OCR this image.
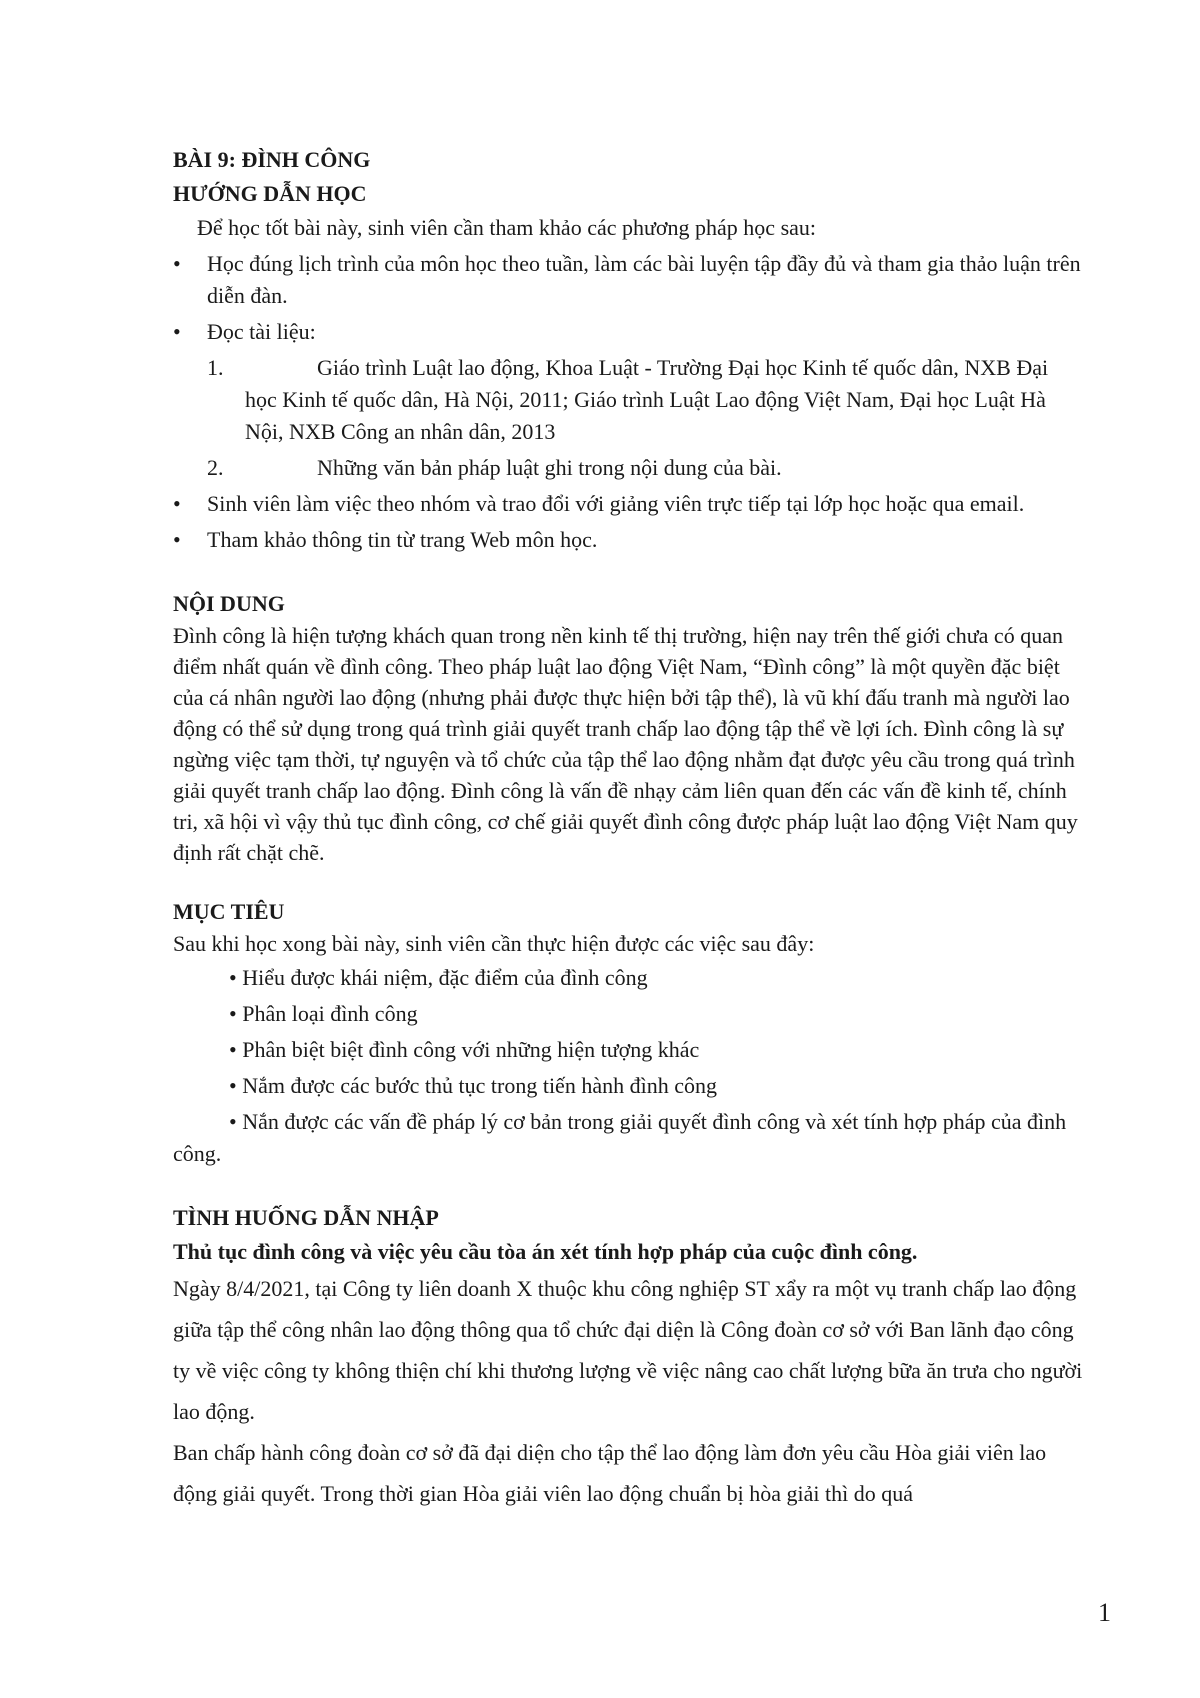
BÀI 9: ĐÌNH CÔNG

HƯỚNG DẪN HỌC

Để học tốt bài này, sinh viên cần tham khảo các phương pháp học sau:

• Học đúng lịch trình của môn học theo tuần, làm các bài luyện tập đầy đủ và tham gia thảo luận trên diễn đàn.
• Đọc tài liệu:
1.	Giáo trình Luật lao động, Khoa Luật - Trường Đại học Kinh tế quốc dân, NXB Đại học Kinh tế quốc dân, Hà Nội, 2011; Giáo trình Luật Lao động Việt Nam, Đại học Luật Hà Nội, NXB Công an nhân dân, 2013
2.	Những văn bản pháp luật ghi trong nội dung của bài.
• Sinh viên làm việc theo nhóm và trao đổi với giảng viên trực tiếp tại lớp học hoặc qua email.
• Tham khảo thông tin từ trang Web môn học.

NỘI DUNG

Đình công là hiện tượng khách quan trong nền kinh tế thị trường, hiện nay trên thế giới chưa có quan điểm nhất quán về đình công. Theo pháp luật lao động Việt Nam, “Đình công” là một quyền đặc biệt của cá nhân người lao động (nhưng phải được thực hiện bởi tập thể), là vũ khí đấu tranh mà người lao động có thể sử dụng trong quá trình giải quyết tranh chấp lao động tập thể về lợi ích. Đình công là sự ngừng việc tạm thời, tự nguyện và tổ chức của tập thể lao động nhằm đạt được yêu cầu trong quá trình giải quyết tranh chấp lao động. Đình công là vấn đề nhạy cảm liên quan đến các vấn đề kinh tế, chính tri, xã hội vì vậy thủ tục đình công, cơ chế giải quyết đình công được pháp luật lao động Việt Nam quy định rất chặt chẽ.

MỤC TIÊU

Sau khi học xong bài này, sinh viên cần thực hiện được các việc sau đây:

• Hiểu được khái niệm, đặc điểm của đình công
• Phân loại đình công
• Phân biệt biệt đình công với những hiện tượng khác
• Nắm được các bước thủ tục trong tiến hành đình công
• Nắn được các vấn đề pháp lý cơ bản trong giải quyết đình công và xét tính hợp pháp của đình công.

TÌNH HUỐNG DẪN NHẬP

Thủ tục đình công và việc yêu cầu tòa án xét tính hợp pháp của cuộc đình công.

Ngày 8/4/2021, tại Công ty liên doanh X thuộc khu công nghiệp ST xẩy ra một vụ tranh chấp lao động giữa tập thể công nhân lao động thông qua tổ chức đại diện là Công đoàn cơ sở với Ban lãnh đạo công ty về việc công ty không thiện chí khi thương lượng về việc nâng cao chất lượng bữa ăn trưa cho người lao động.

Ban chấp hành công đoàn cơ sở đã đại diện cho tập thể lao động làm đơn yêu cầu Hòa giải viên lao động giải quyết. Trong thời gian Hòa giải viên lao động chuẩn bị hòa giải thì do quá

1
